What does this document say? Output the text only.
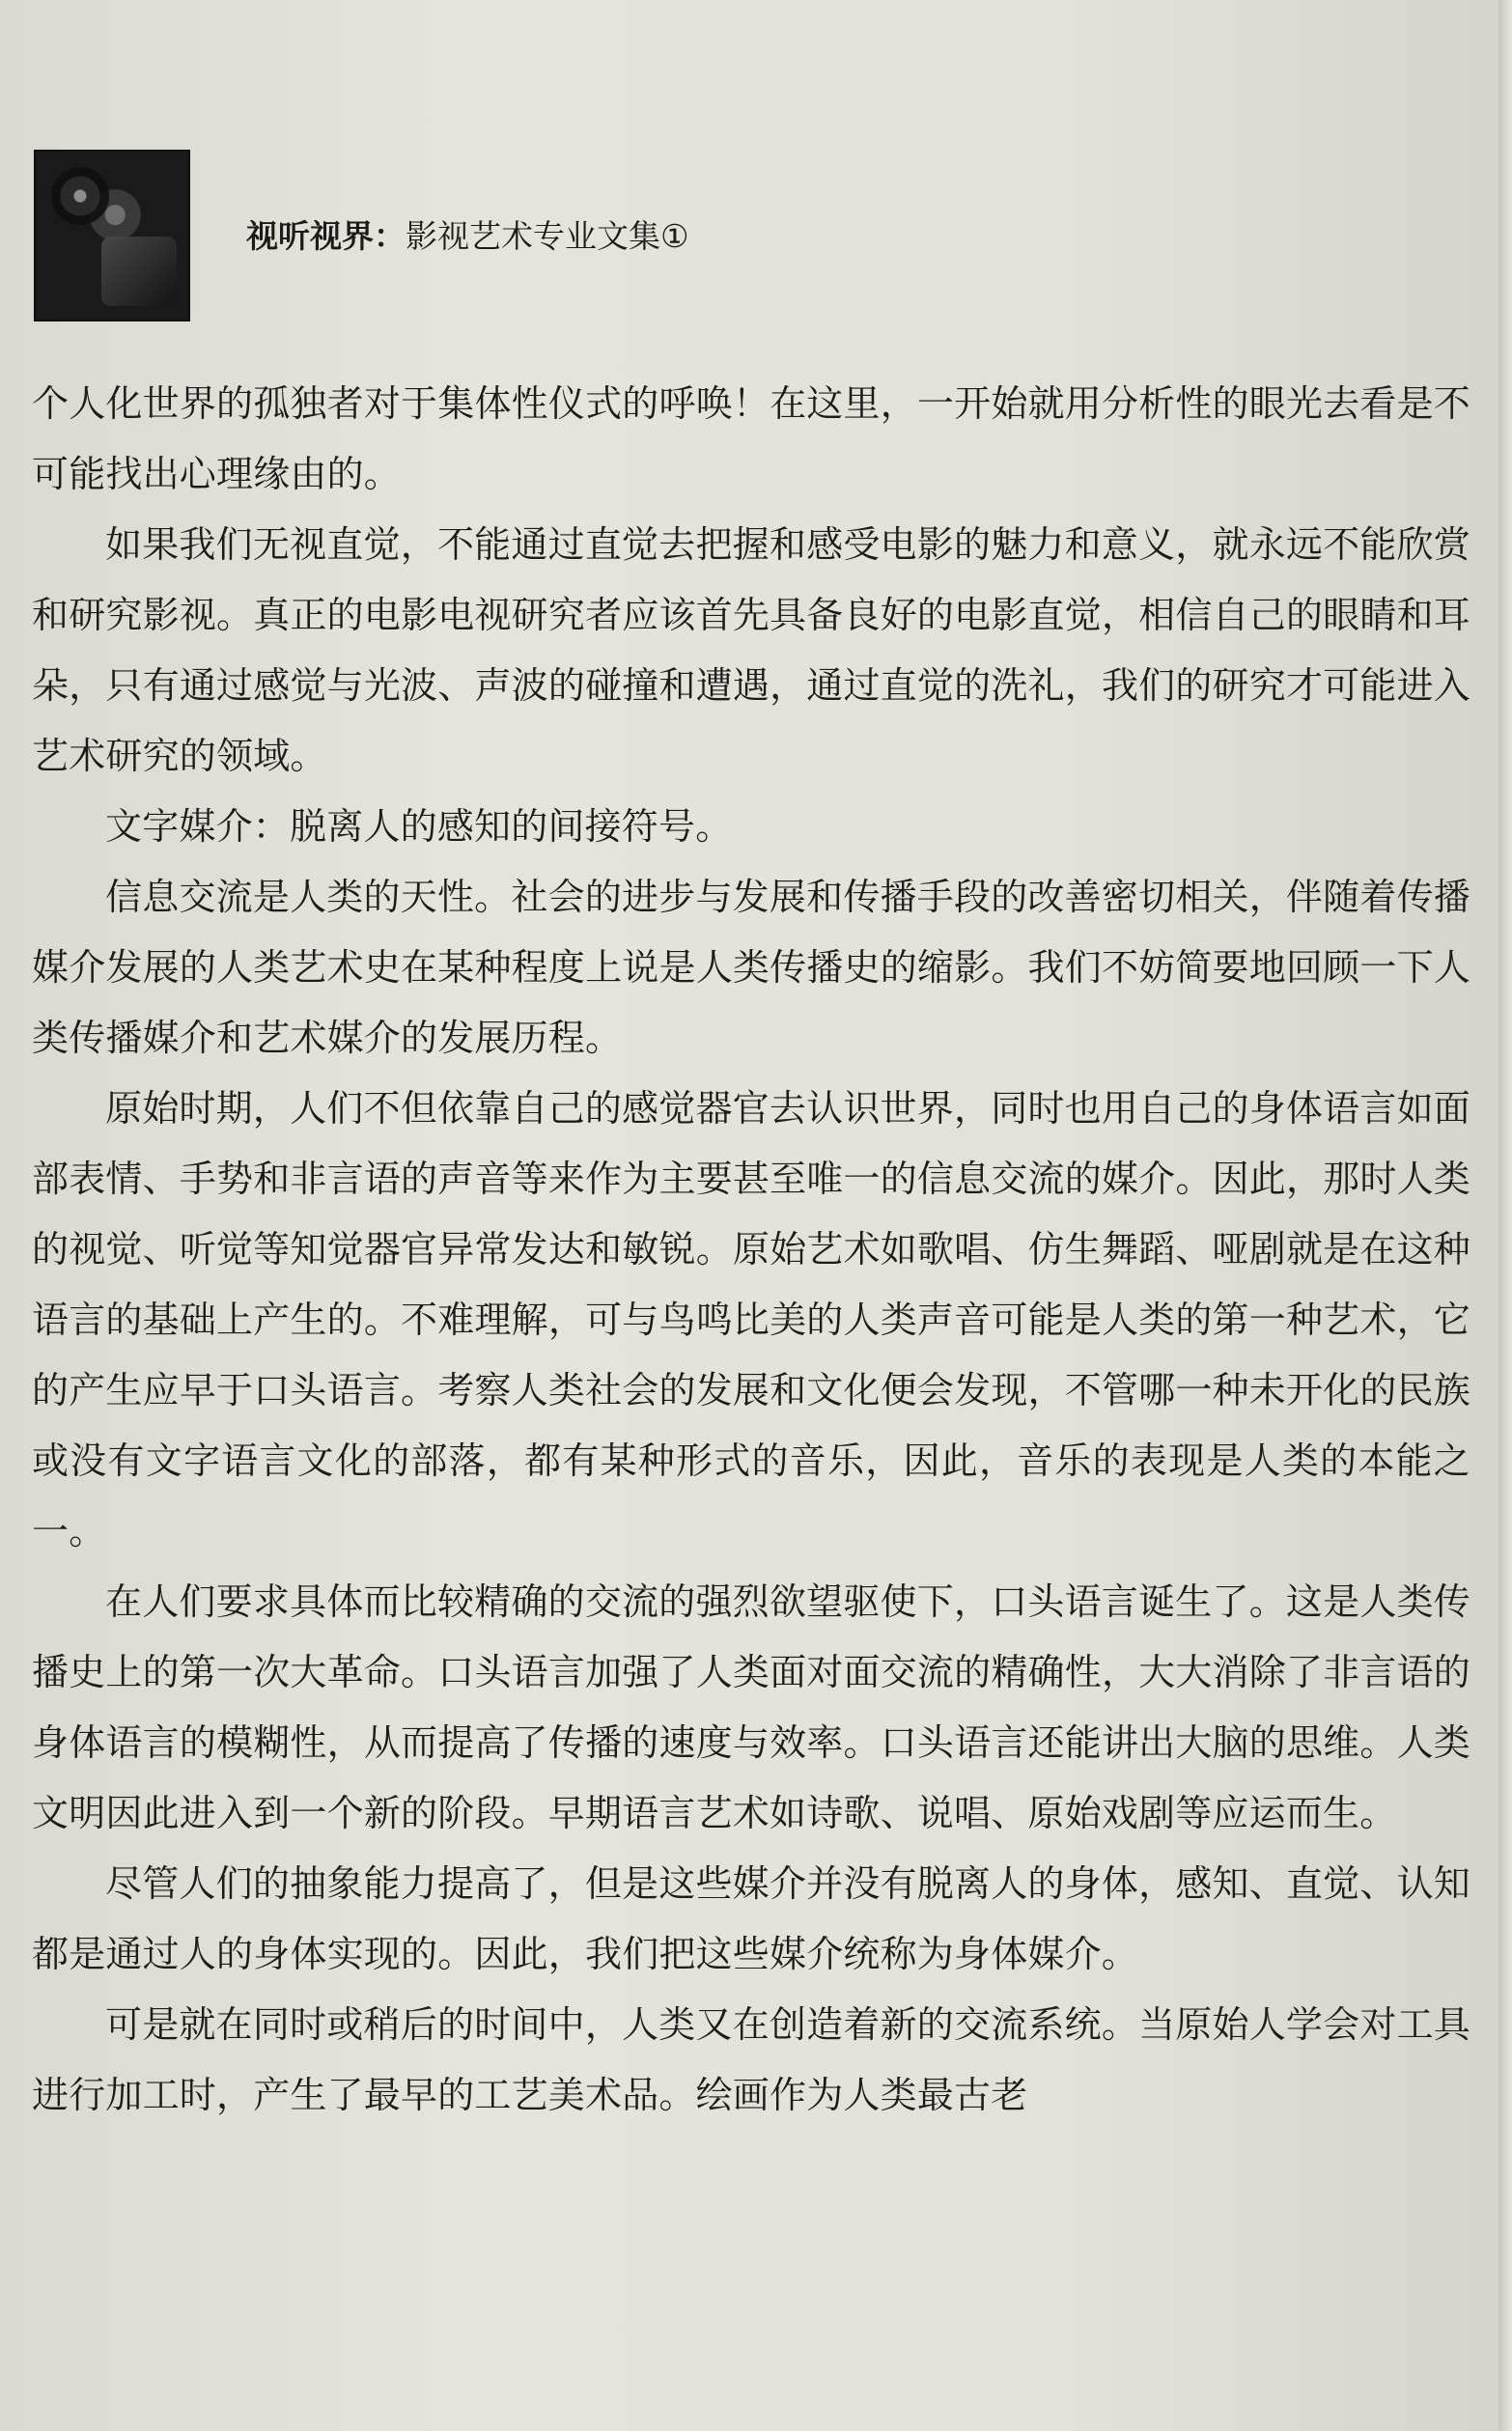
视听视界：影视艺术专业文集①

个人化世界的孤独者对于集体性仪式的呼唤！在这里，一开始就用分析性的眼光去看是不可能找出心理缘由的。

如果我们无视直觉，不能通过直觉去把握和感受电影的魅力和意义，就永远不能欣赏和研究影视。真正的电影电视研究者应该首先具备良好的电影直觉，相信自己的眼睛和耳朵，只有通过感觉与光波、声波的碰撞和遭遇，通过直觉的洗礼，我们的研究才可能进入艺术研究的领域。

文字媒介：脱离人的感知的间接符号。

信息交流是人类的天性。社会的进步与发展和传播手段的改善密切相关，伴随着传播媒介发展的人类艺术史在某种程度上说是人类传播史的缩影。我们不妨简要地回顾一下人类传播媒介和艺术媒介的发展历程。

原始时期，人们不但依靠自己的感觉器官去认识世界，同时也用自己的身体语言如面部表情、手势和非言语的声音等来作为主要甚至唯一的信息交流的媒介。因此，那时人类的视觉、听觉等知觉器官异常发达和敏锐。原始艺术如歌唱、仿生舞蹈、哑剧就是在这种语言的基础上产生的。不难理解，可与鸟鸣比美的人类声音可能是人类的第一种艺术，它的产生应早于口头语言。考察人类社会的发展和文化便会发现，不管哪一种未开化的民族或没有文字语言文化的部落，都有某种形式的音乐，因此，音乐的表现是人类的本能之一。

在人们要求具体而比较精确的交流的强烈欲望驱使下，口头语言诞生了。这是人类传播史上的第一次大革命。口头语言加强了人类面对面交流的精确性，大大消除了非言语的身体语言的模糊性，从而提高了传播的速度与效率。口头语言还能讲出大脑的思维。人类文明因此进入到一个新的阶段。早期语言艺术如诗歌、说唱、原始戏剧等应运而生。

尽管人们的抽象能力提高了，但是这些媒介并没有脱离人的身体，感知、直觉、认知都是通过人的身体实现的。因此，我们把这些媒介统称为身体媒介。

可是就在同时或稍后的时间中，人类又在创造着新的交流系统。当原始人学会对工具进行加工时，产生了最早的工艺美术品。绘画作为人类最古老
